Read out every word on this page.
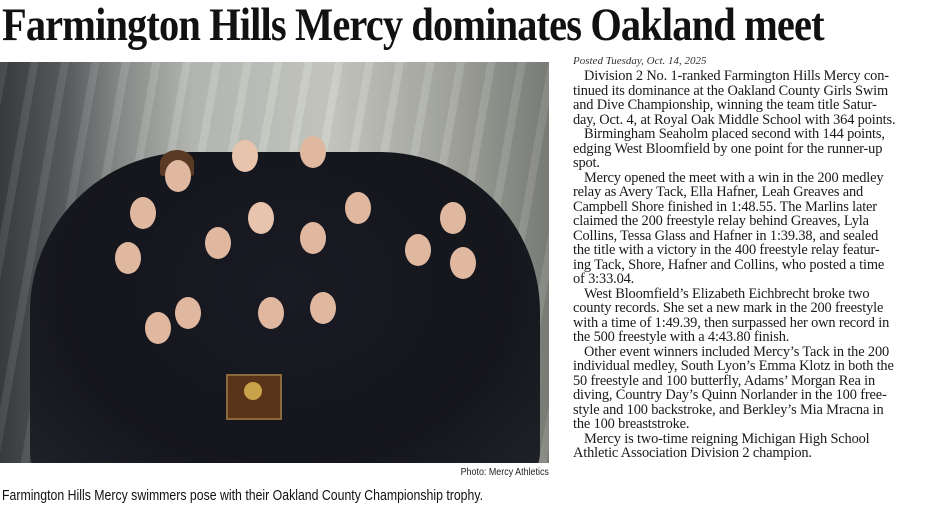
Farmington Hills Mercy dominates Oakland meet
Photo: Mercy Athletics
Farmington Hills Mercy swimmers pose with their Oakland County Championship trophy.
Posted Tuesday, Oct. 14, 2025
Division 2 No. 1-ranked Farmington Hills Mercy con-
tinued its dominance at the Oakland County Girls Swim
and Dive Championship, winning the team title Satur-
day, Oct. 4, at Royal Oak Middle School with 364 points.
Birmingham Seaholm placed second with 144 points,
edging West Bloomfield by one point for the runner-up
spot.
Mercy opened the meet with a win in the 200 medley
relay as Avery Tack, Ella Hafner, Leah Greaves and
Campbell Shore finished in 1:48.55. The Marlins later
claimed the 200 freestyle relay behind Greaves, Lyla
Collins, Tessa Glass and Hafner in 1:39.38, and sealed
the title with a victory in the 400 freestyle relay featur-
ing Tack, Shore, Hafner and Collins, who posted a time
of 3:33.04.
West Bloomfield’s Elizabeth Eichbrecht broke two
county records. She set a new mark in the 200 freestyle
with a time of 1:49.39, then surpassed her own record in
the 500 freestyle with a 4:43.80 finish.
Other event winners included Mercy’s Tack in the 200
individual medley, South Lyon’s Emma Klotz in both the
50 freestyle and 100 butterfly, Adams’ Morgan Rea in
diving, Country Day’s Quinn Norlander in the 100 free-
style and 100 backstroke, and Berkley’s Mia Mracna in
the 100 breaststroke.
Mercy is two-time reigning Michigan High School
Athletic Association Division 2 champion.
